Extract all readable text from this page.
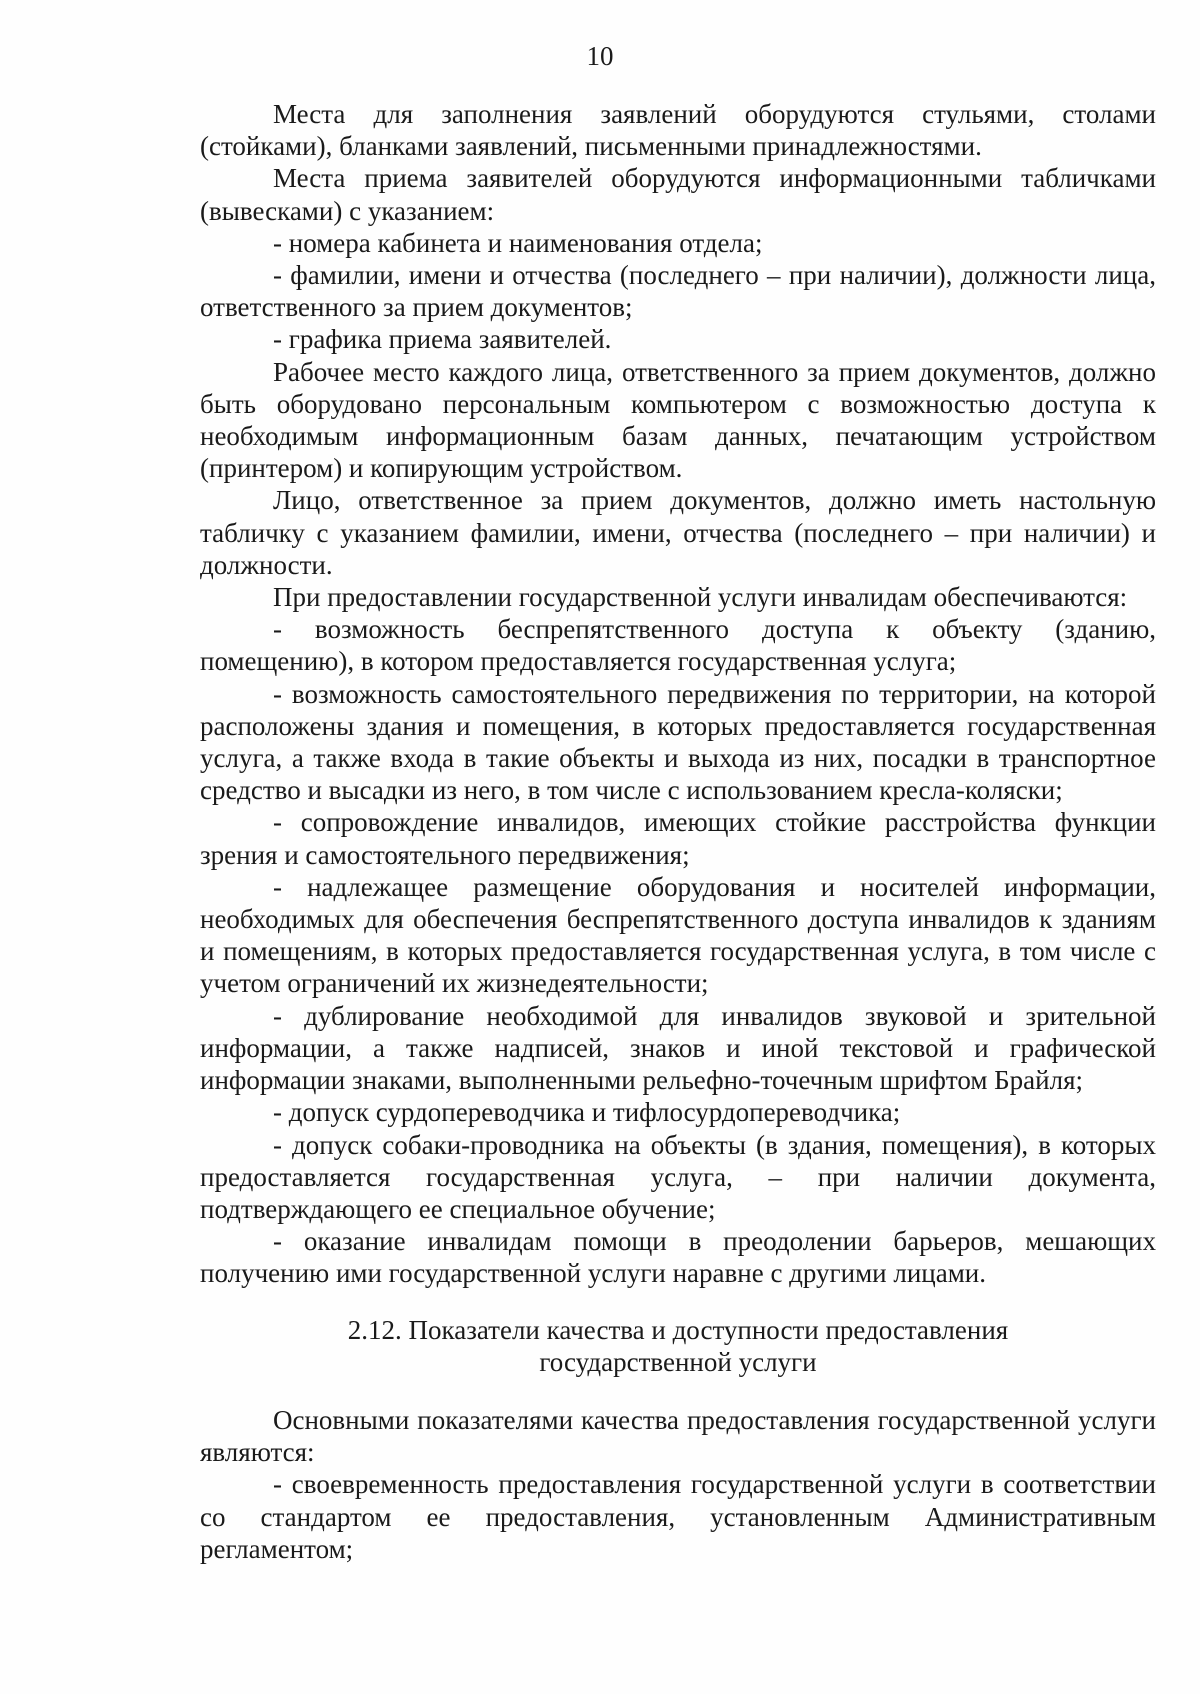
10

Места для заполнения заявлений оборудуются стульями, столами (стойками), бланками заявлений, письменными принадлежностями.

Места приема заявителей оборудуются информационными табличками (вывесками) с указанием:

- номера кабинета и наименования отдела;

- фамилии, имени и отчества (последнего – при наличии), должности лица, ответственного за прием документов;

- графика приема заявителей.

Рабочее место каждого лица, ответственного за прием документов, должно быть оборудовано персональным компьютером с возможностью доступа к необходимым информационным базам данных, печатающим устройством (принтером) и копирующим устройством.

Лицо, ответственное за прием документов, должно иметь настольную табличку с указанием фамилии, имени, отчества (последнего – при наличии) и должности.

При предоставлении государственной услуги инвалидам обеспечиваются:

- возможность беспрепятственного доступа к объекту (зданию, помещению), в котором предоставляется государственная услуга;

- возможность самостоятельного передвижения по территории, на которой расположены здания и помещения, в которых предоставляется государственная услуга, а также входа в такие объекты и выхода из них, посадки в транспортное средство и высадки из него, в том числе с использованием кресла-коляски;

- сопровождение инвалидов, имеющих стойкие расстройства функции зрения и самостоятельного передвижения;

- надлежащее размещение оборудования и носителей информации, необходимых для обеспечения беспрепятственного доступа инвалидов к зданиям и помещениям, в которых предоставляется государственная услуга, в том числе с учетом ограничений их жизнедеятельности;

- дублирование необходимой для инвалидов звуковой и зрительной информации, а также надписей, знаков и иной текстовой и графической информации знаками, выполненными рельефно-точечным шрифтом Брайля;

- допуск сурдопереводчика и тифлосурдопереводчика;

- допуск собаки-проводника на объекты (в здания, помещения), в которых предоставляется государственная услуга, – при наличии документа, подтверждающего ее специальное обучение;

- оказание инвалидам помощи в преодолении барьеров, мешающих получению ими государственной услуги наравне с другими лицами.

2.12. Показатели качества и доступности предоставления
государственной услуги

Основными показателями качества предоставления государственной услуги являются:

- своевременность предоставления государственной услуги в соответствии со стандартом ее предоставления, установленным Административным регламентом;
